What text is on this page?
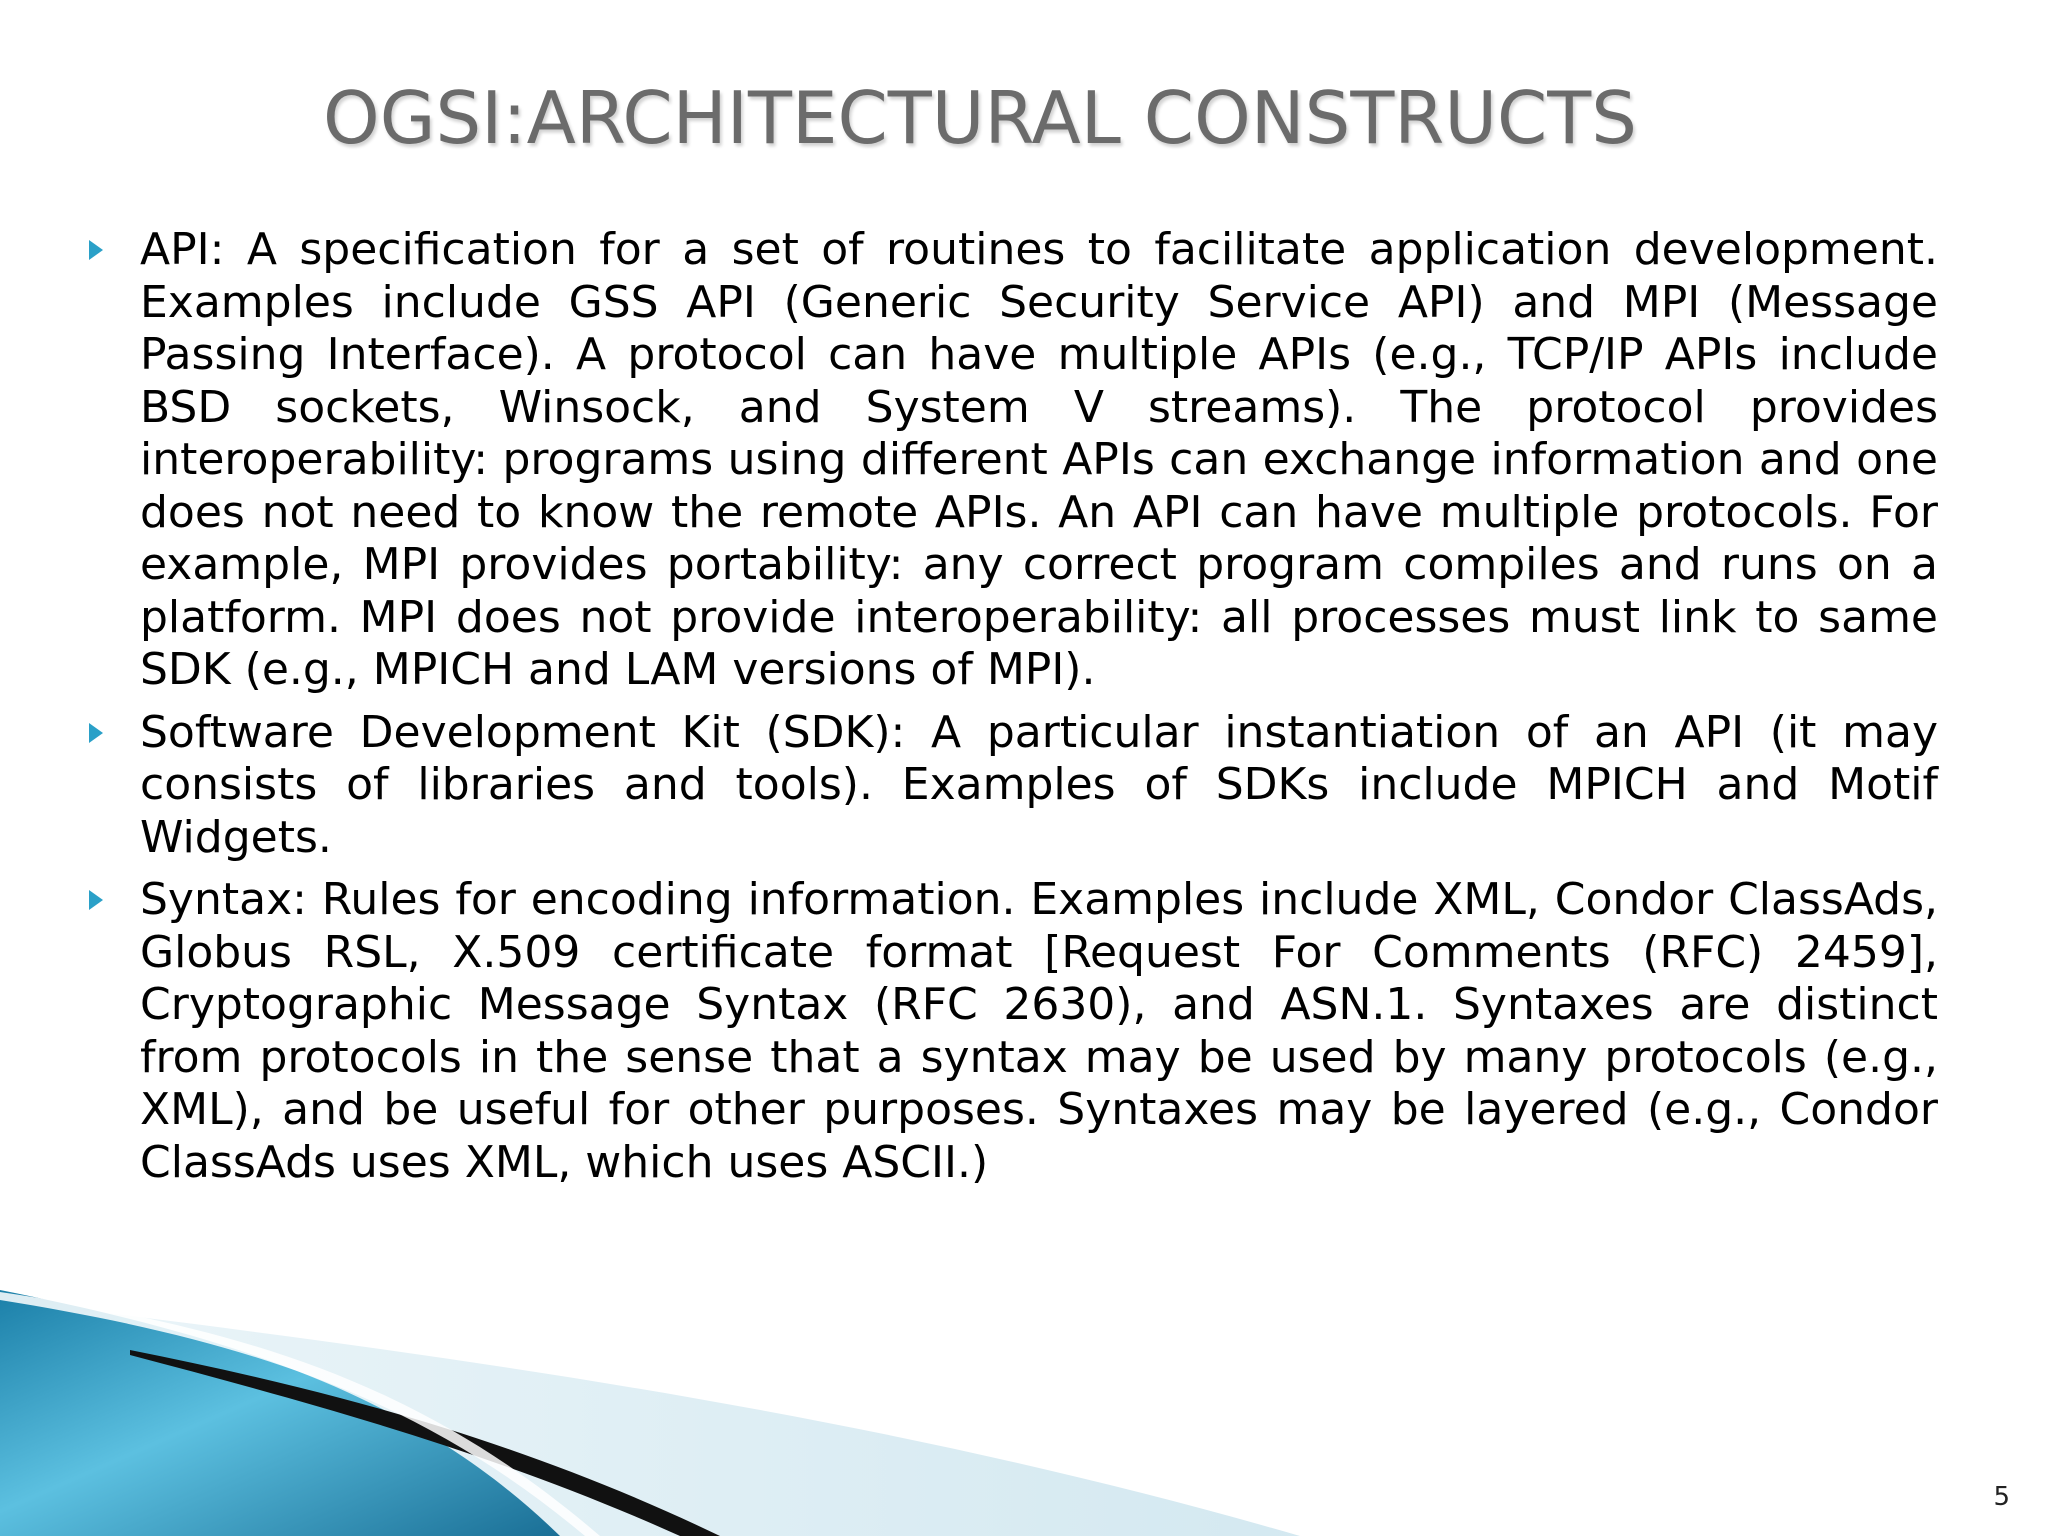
OGSI:ARCHITECTURAL CONSTRUCTS
API: A specification for a set of routines to facilitate application development. Examples include GSS API (Generic Security Service API) and MPI (Message Passing Interface). A protocol can have multiple APIs (e.g., TCP/IP APIs include BSD sockets, Winsock, and System V streams). The protocol provides interoperability: programs using different APIs can exchange information and one does not need to know the remote APIs. An API can have multiple protocols. For example, MPI provides portability: any correct program compiles and runs on a platform. MPI does not provide interoperability: all processes must link to same SDK (e.g., MPICH and LAM versions of MPI).
Software Development Kit (SDK): A particular instantiation of an API (it may consists of libraries and tools). Examples of SDKs include MPICH and Motif Widgets.
Syntax: Rules for encoding information. Examples include XML, Condor ClassAds, Globus RSL, X.509 certificate format [Request For Comments (RFC) 2459], Cryptographic Message Syntax (RFC 2630), and ASN.1. Syntaxes are distinct from protocols in the sense that a syntax may be used by many protocols (e.g., XML), and be useful for other purposes. Syntaxes may be layered (e.g., Condor ClassAds uses XML, which uses ASCII.)
5
